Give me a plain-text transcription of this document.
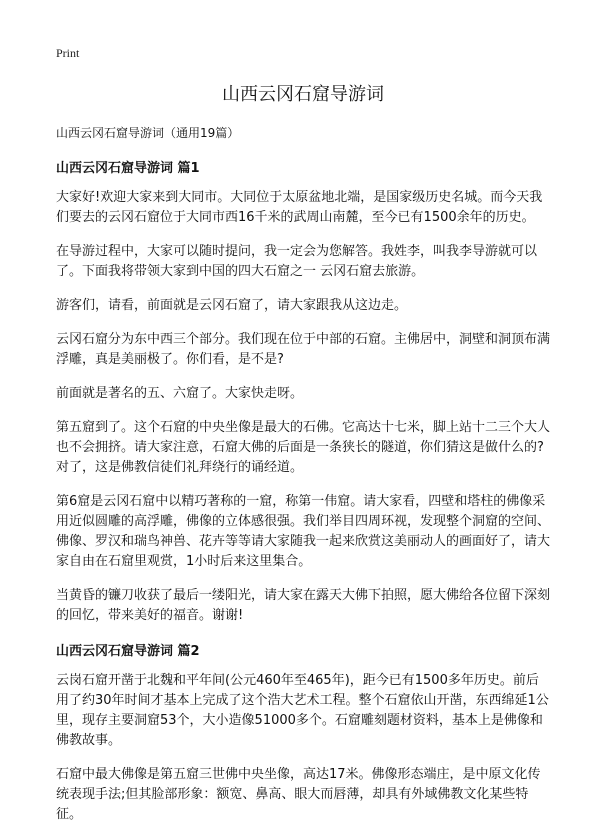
Print
山西云冈石窟导游词
山西云冈石窟导游词（通用19篇）
山西云冈石窟导游词 篇1

大家好!欢迎大家来到大同市。大同位于太原盆地北端，是国家级历史名城。而今天我们要去的云冈石窟位于大同市西16千米的武周山南麓，至今已有1500余年的历史。

在导游过程中，大家可以随时提问，我一定会为您解答。我姓李，叫我李导游就可以了。下面我将带领大家到中国的四大石窟之一 云冈石窟去旅游。

游客们，请看，前面就是云冈石窟了，请大家跟我从这边走。

云冈石窟分为东中西三个部分。我们现在位于中部的石窟。主佛居中，洞壁和洞顶布满浮雕，真是美丽极了。你们看，是不是?

前面就是著名的五、六窟了。大家快走呀。

第五窟到了。这个石窟的中央坐像是最大的石佛。它高达十七米，脚上站十二三个大人也不会拥挤。请大家注意，石窟大佛的后面是一条狭长的隧道，你们猜这是做什么的?对了，这是佛教信徒们礼拜绕行的诵经道。

第6窟是云冈石窟中以精巧著称的一窟，称第一伟窟。请大家看，四壁和塔柱的佛像采用近似圆雕的高浮雕，佛像的立体感很强。我们举目四周环视，发现整个洞窟的空间、佛像、罗汉和瑞鸟神兽、花卉等等请大家随我一起来欣赏这美丽动人的画面好了，请大家自由在石窟里观赏，1小时后来这里集合。

当黄昏的镰刀收获了最后一缕阳光，请大家在露天大佛下拍照，愿大佛给各位留下深刻的回忆，带来美好的福音。谢谢!

山西云冈石窟导游词 篇2

云岗石窟开凿于北魏和平年间(公元460年至465年)，距今已有1500多年历史。前后用了约30年时间才基本上完成了这个浩大艺术工程。整个石窟依山开凿，东西绵延1公里，现存主要洞窟53个，大小造像51000多个。石窟雕刻题材资料，基本上是佛像和佛教故事。

石窟中最大佛像是第五窟三世佛中央坐像，高达17米。佛像形态端庄，是中原文化传统表现手法;但其脸部形象：额宽、鼻高、眼大而唇薄，却具有外域佛教文化某些特征。
